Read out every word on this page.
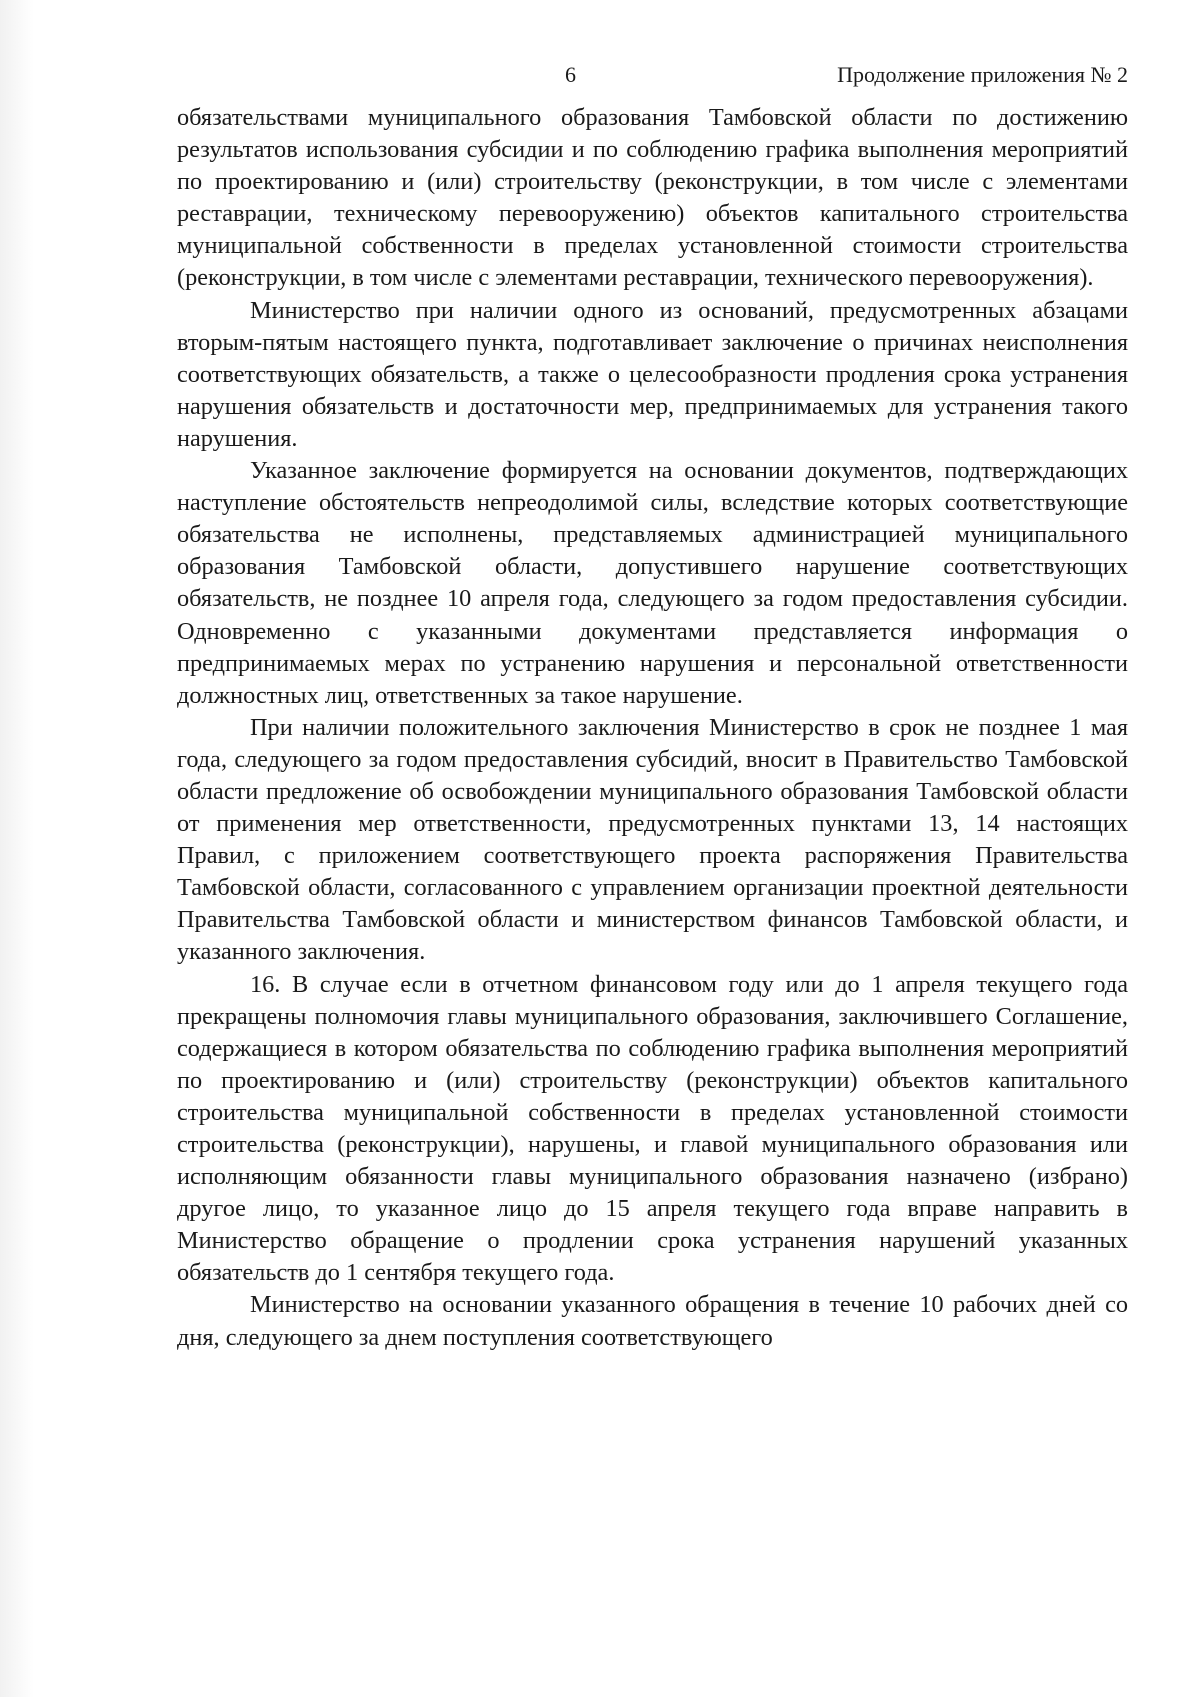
6	Продолжение приложения № 2

обязательствами муниципального образования Тамбовской области по достижению результатов использования субсидии и по соблюдению графика выполнения мероприятий по проектированию и (или) строительству (реконструкции, в том числе с элементами реставрации, техническому перевооружению) объектов капитального строительства муниципальной собственности в пределах установленной стоимости строительства (реконструкции, в том числе с элементами реставрации, технического перевооружения).

Министерство при наличии одного из оснований, предусмотренных абзацами вторым-пятым настоящего пункта, подготавливает заключение о причинах неисполнения соответствующих обязательств, а также о целесообразности продления срока устранения нарушения обязательств и достаточности мер, предпринимаемых для устранения такого нарушения.

Указанное заключение формируется на основании документов, подтверждающих наступление обстоятельств непреодолимой силы, вследствие которых соответствующие обязательства не исполнены, представляемых администрацией муниципального образования Тамбовской области, допустившего нарушение соответствующих обязательств, не позднее 10 апреля года, следующего за годом предоставления субсидии. Одновременно с указанными документами представляется информация о предпринимаемых мерах по устранению нарушения и персональной ответственности должностных лиц, ответственных за такое нарушение.

При наличии положительного заключения Министерство в срок не позднее 1 мая года, следующего за годом предоставления субсидий, вносит в Правительство Тамбовской области предложение об освобождении муниципального образования Тамбовской области от применения мер ответственности, предусмотренных пунктами 13, 14 настоящих Правил, с приложением соответствующего проекта распоряжения Правительства Тамбовской области, согласованного с управлением организации проектной деятельности Правительства Тамбовской области и министерством финансов Тамбовской области, и указанного заключения.

16. В случае если в отчетном финансовом году или до 1 апреля текущего года прекращены полномочия главы муниципального образования, заключившего Соглашение, содержащиеся в котором обязательства по соблюдению графика выполнения мероприятий по проектированию и (или) строительству (реконструкции) объектов капитального строительства муниципальной собственности в пределах установленной стоимости строительства (реконструкции), нарушены, и главой муниципального образования или исполняющим обязанности главы муниципального образования назначено (избрано) другое лицо, то указанное лицо до 15 апреля текущего года вправе направить в Министерство обращение о продлении срока устранения нарушений указанных обязательств до 1 сентября текущего года.

Министерство на основании указанного обращения в течение 10 рабочих дней со дня, следующего за днем поступления соответствующего
